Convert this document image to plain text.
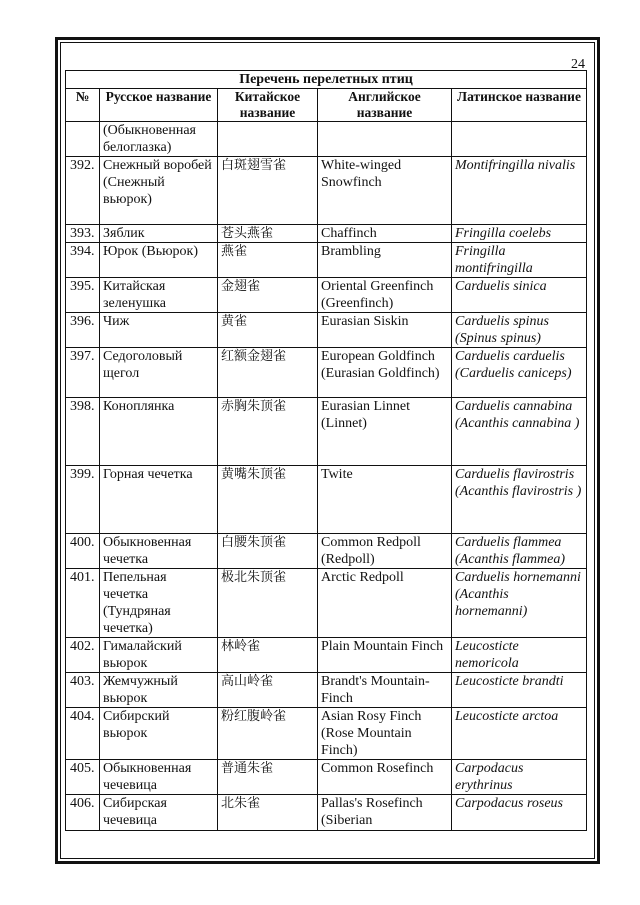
24
Перечень перелетных птиц				
№	Русское название	Китайское название	Английское название	Латинское название
	(Обыкновенная белоглазка)			
392.	Снежный воробей (Снежный вьюрок)	白斑翅雪雀	White-winged Snowfinch	Montifringilla nivalis
393.	Зяблик	苍头燕雀	Chaffinch	Fringilla coelebs
394.	Юрок (Вьюрок)	燕雀	Brambling	Fringilla montifringilla
395.	Китайская зеленушка	金翅雀	Oriental Greenfinch (Greenfinch)	Carduelis sinica
396.	Чиж	黄雀	Eurasian Siskin	Carduelis spinus (Spinus spinus)
397.	Седоголовый щегол	红额金翅雀	European Goldfinch (Eurasian Goldfinch)	Carduelis carduelis (Carduelis caniceps)
398.	Коноплянка	赤胸朱顶雀	Eurasian Linnet (Linnet)	Carduelis cannabina (Acanthis cannabina )
399.	Горная чечетка	黄嘴朱顶雀	Twite	Carduelis flavirostris (Acanthis flavirostris )
400.	Обыкновенная чечетка	白腰朱顶雀	Common Redpoll (Redpoll)	Carduelis flammea (Acanthis flammea)
401.	Пепельная чечетка (Тундряная чечетка)	极北朱顶雀	Arctic Redpoll	Carduelis hornemanni (Acanthis hornemanni)
402.	Гималайский вьюрок	林岭雀	Plain Mountain Finch	Leucosticte nemoricola
403.	Жемчужный вьюрок	高山岭雀	Brandt's Mountain-Finch	Leucosticte brandti
404.	Сибирский вьюрок	粉红腹岭雀	Asian Rosy Finch (Rose Mountain Finch)	Leucosticte arctoa
405.	Обыкновенная чечевица	普通朱雀	Common Rosefinch	Carpodacus erythrinus
406.	Сибирская чечевица	北朱雀	Pallas's Rosefinch (Siberian	Carpodacus roseus
